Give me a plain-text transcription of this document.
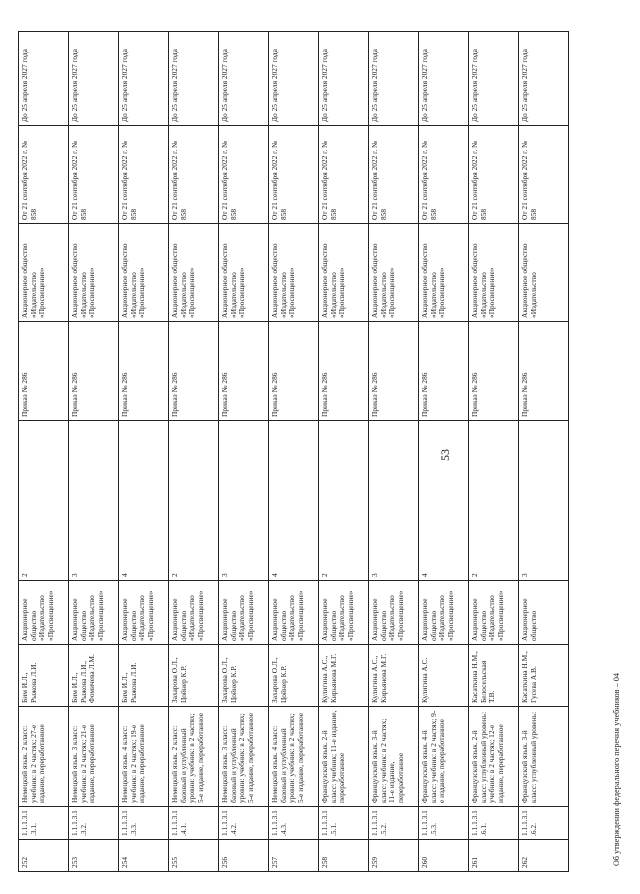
53
252	1.1.1.3.1.3.1.	Немецкий язык. 2 класс: учебник: в 2 частях; 27-е издание, переработанное	Бим И.Л., Рыжова Л.И.	Акционерное общество «Издательство «Просвещение»	2	Приказ № 286	Акционерное общество «Издательство «Просвещение»	От 21 сентября 2022 г. № 858	До 25 апреля 2027 года
253	1.1.1.3.1.3.2.	Немецкий язык. 3 класс: учебник: в 2 частях; 21-е издание, переработанное	Бим И.Л., Рыжова Л.И., Фомичева Л.М.	Акционерное общество «Издательство «Просвещение»	3	Приказ № 286	Акционерное общество «Издательство «Просвещение»	От 21 сентября 2022 г. № 858	До 25 апреля 2027 года
254	1.1.1.3.1.3.3.	Немецкий язык. 4 класс: учебник: в 2 частях; 19-е издание, переработанное	Бим И.Л., Рыжова Л.И.	Акционерное общество «Издательство «Просвещение»	4	Приказ № 286	Акционерное общество «Издательство «Просвещение»	От 21 сентября 2022 г. № 858	До 25 апреля 2027 года
255	1.1.1.3.1.4.1.	Немецкий язык. 2 класс: базовый и углубленный уровни: учебник: в 2 частях; 5-е издание, переработанное	Захарова О.Л., Цойнер К.Р.	Акционерное общество «Издательство «Просвещение»	2	Приказ № 286	Акционерное общество «Издательство «Просвещение»	От 21 сентября 2022 г. № 858	До 25 апреля 2027 года
256	1.1.1.3.1.4.2.	Немецкий язык. 3 класс: базовый и углубленный уровни: учебник: в 2 частях; 5-е издание, переработанное	Захарова О.Л., Цойнер К.Р.	Акционерное общество «Издательство «Просвещение»	3	Приказ № 286	Акционерное общество «Издательство «Просвещение»	От 21 сентября 2022 г. № 858	До 25 апреля 2027 года
257	1.1.1.3.1.4.3.	Немецкий язык. 4 класс: базовый и углубленный уровни: учебник: в 2 частях; 5-е издание, переработанное	Захарова О.Л., Цойнер К.Р.	Акционерное общество «Издательство «Просвещение»	4	Приказ № 286	Акционерное общество «Издательство «Просвещение»	От 21 сентября 2022 г. № 858	До 25 апреля 2027 года
258	1.1.1.3.1.5.1.	Французский язык. 2-й класс: учебник; 11-е издание, переработанное	Кулигина А.С., Кирьянова М.Г.	Акционерное общество «Издательство «Просвещение»	2	Приказ № 286	Акционерное общество «Издательство «Просвещение»	От 21 сентября 2022 г. № 858	До 25 апреля 2027 года
259	1.1.1.3.1.5.2.	Французский язык. 3-й класс: учебник: в 2 частях; 11-е издание, переработанное	Кулигина А.С., Кирьянова М.Г.	Акционерное общество «Издательство «Просвещение»	3	Приказ № 286	Акционерное общество «Издательство «Просвещение»	От 21 сентября 2022 г. № 858	До 25 апреля 2027 года
260	1.1.1.3.1.5.3.	Французский язык. 4-й класс: учебник: в 2 частях; 9-е издание, переработанное	Кулигина А.С.	Акционерное общество «Издательство «Просвещение»	4	Приказ № 286	Акционерное общество «Издательство «Просвещение»	От 21 сентября 2022 г. № 858	До 25 апреля 2027 года
261	1.1.1.3.1.6.1.	Французский язык. 2-й класс: углубленный уровень: учебник: в 2 частях; 12-е издание, переработанное	Касаткина Н.М., Белосельская Т.В.	Акционерное общество «Издательство «Просвещение»	2	Приказ № 286	Акционерное общество «Издательство «Просвещение»	От 21 сентября 2022 г. № 858	До 25 апреля 2027 года
262	1.1.1.3.1.6.2.	Французский язык. 3-й класс: углубленный уровень:	Касаткина Н.М., Гусева А.В.	Акционерное общество	3	Приказ № 286	Акционерное общество «Издательство	От 21 сентября 2022 г. № 858	До 25 апреля 2027 года
Об утверждении федерального перечня учебников – 04
